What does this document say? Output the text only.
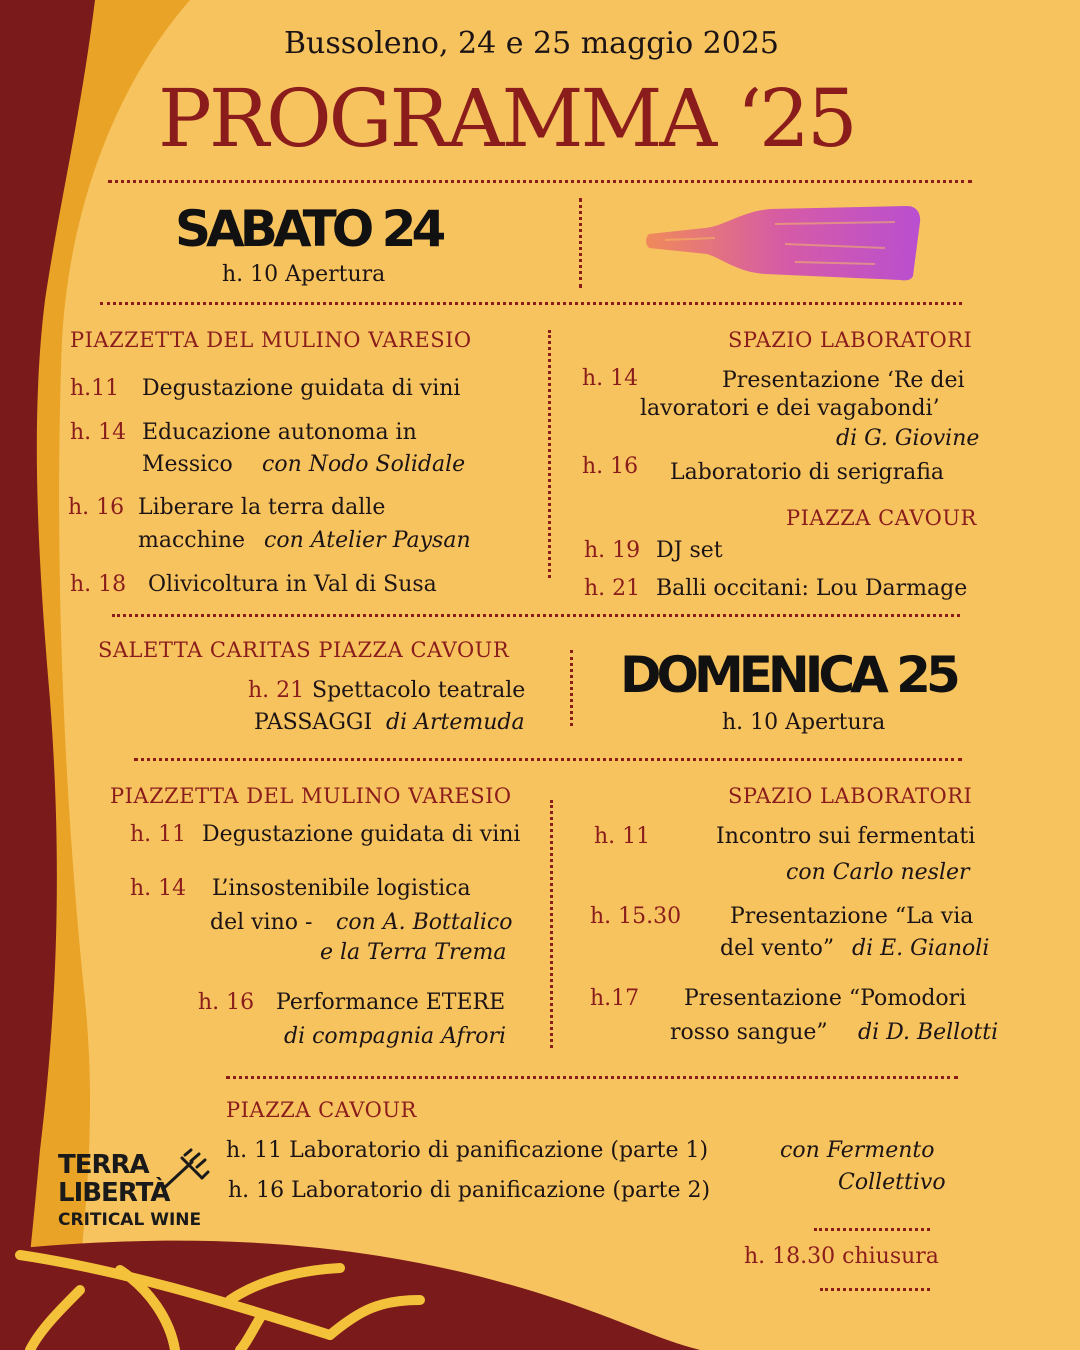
Bussoleno, 24 e 25 maggio 2025
PROGRAMMA ‘25
SABATO 24
h. 10 Apertura
PIAZZETTA DEL MULINO VARESIO
h.11 Degustazione guidata di vini
h. 14 Educazione autonoma in
Messico con Nodo Solidale
h. 16 Liberare la terra dalle
macchine con Atelier Paysan
h. 18 Olivicoltura in Val di Susa
SPAZIO LABORATORI
h. 14	Presentazione ‘Re dei
lavoratori e dei vagabondi’
di G. Giovine
h. 16 Laboratorio di serigrafia
PIAZZA CAVOUR
h. 19 DJ set
h. 21 Balli occitani: Lou Darmage
SALETTA CARITAS PIAZZA CAVOUR
h. 21 Spettacolo teatrale
PASSAGGI di Artemuda
DOMENICA 25
h. 10 Apertura
PIAZZETTA DEL MULINO VARESIO
h. 11 Degustazione guidata di vini
h. 14 L’insostenibile logistica
del vino - con A. Bottalico
e la Terra Trema
h. 16 Performance ETERE
di compagnia Afrori
SPAZIO LABORATORI
h. 11	Incontro sui fermentati
con Carlo nesler
h. 15.30 Presentazione “La via
del vento” di E. Gianoli
h.17 Presentazione “Pomodori
rosso sangue” di D. Bellotti
PIAZZA CAVOUR
h. 11 Laboratorio di panificazione (parte 1)
h. 16 Laboratorio di panificazione (parte 2)
con Fermento
Collettivo
h. 18.30 chiusura
e
TERRA
LIBERTÀ
CRITICAL WINE
